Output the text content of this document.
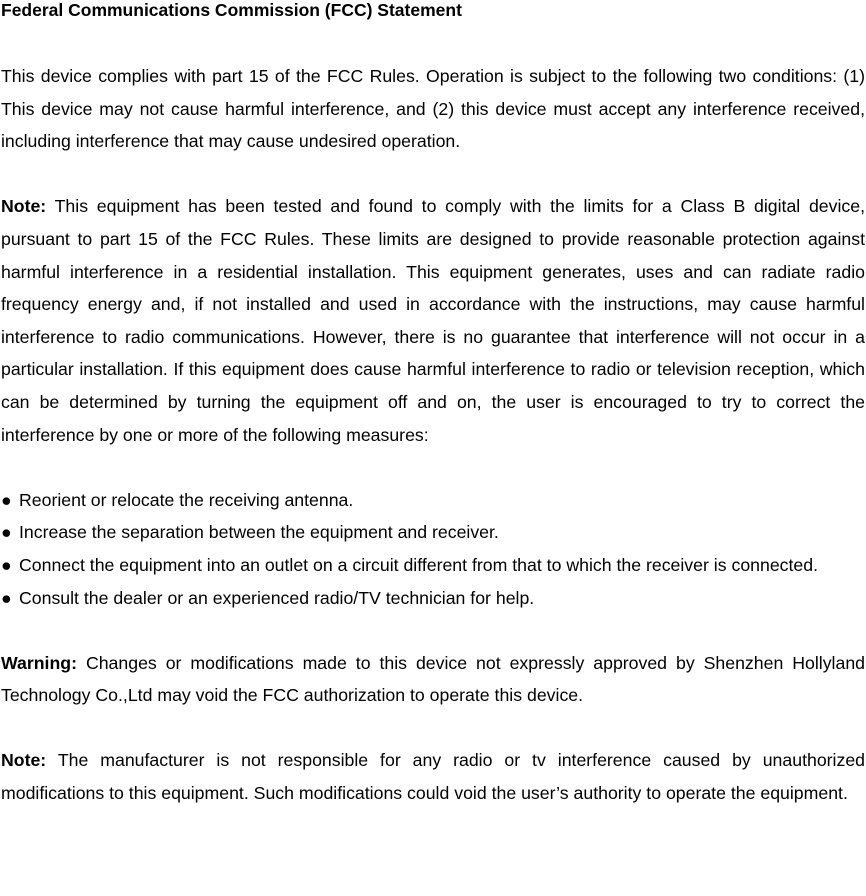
Federal Communications Commission (FCC) Statement

This device complies with part 15 of the FCC Rules. Operation is subject to the following two conditions: (1) This device may not cause harmful interference, and (2) this device must accept any interference received, including interference that may cause undesired operation.

Note: This equipment has been tested and found to comply with the limits for a Class B digital device, pursuant to part 15 of the FCC Rules. These limits are designed to provide reasonable protection against harmful interference in a residential installation. This equipment generates, uses and can radiate radio frequency energy and, if not installed and used in accordance with the instructions, may cause harmful interference to radio communications. However, there is no guarantee that interference will not occur in a particular installation. If this equipment does cause harmful interference to radio or television reception, which can be determined by turning the equipment off and on, the user is encouraged to try to correct the interference by one or more of the following measures:

● Reorient or relocate the receiving antenna.
● Increase the separation between the equipment and receiver.
● Connect the equipment into an outlet on a circuit different from that to which the receiver is connected.
● Consult the dealer or an experienced radio/TV technician for help.

Warning: Changes or modifications made to this device not expressly approved by Shenzhen Hollyland Technology Co.,Ltd may void the FCC authorization to operate this device.

Note: The manufacturer is not responsible for any radio or tv interference caused by unauthorized modifications to this equipment. Such modifications could void the user’s authority to operate the equipment.
